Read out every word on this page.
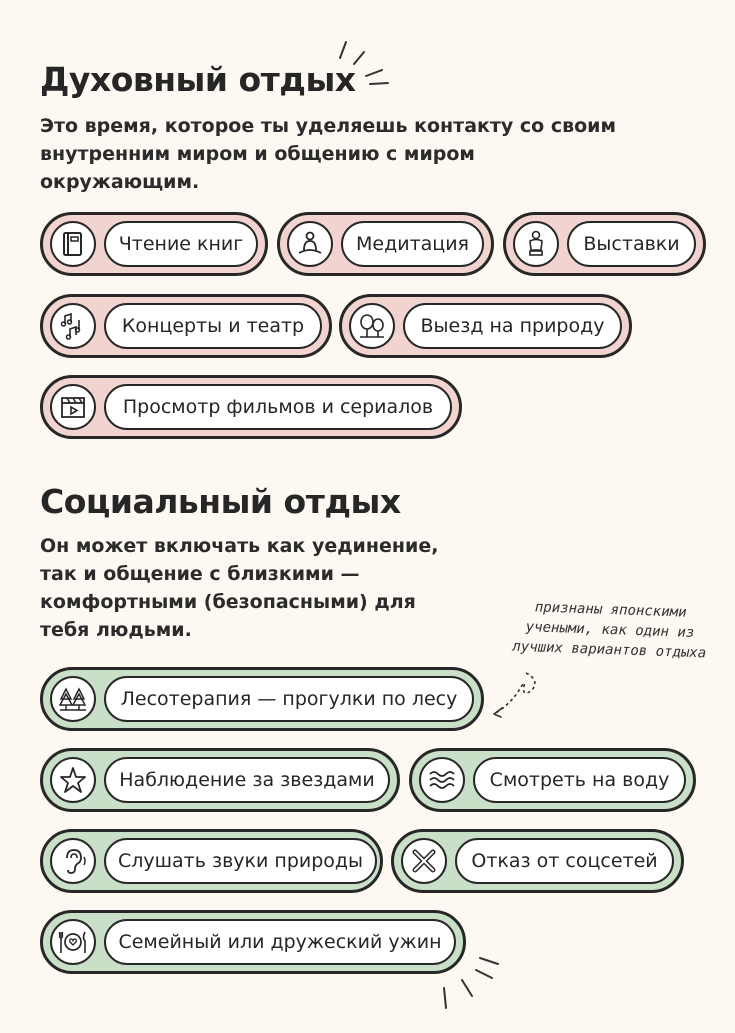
Духовный отдых

Это время, которое ты уделяешь контакту со своим внутренним миром и общению с миром окружающим.

Чтение книг	Медитация	Выставки
Концерты и театр	Выезд на природу
Просмотр фильмов и сериалов
Социальный отдых

Он может включать как уединение, так и общение с близкими — комфортными (безопасными) для тебя людьми.

признаны японскими учеными, как один из лучших вариантов отдыха
Лесотерапия — прогулки по лесу
Наблюдение за звездами	Смотреть на воду
Слушать звуки природы	Отказ от соцсетей
Семейный или дружеский ужин
